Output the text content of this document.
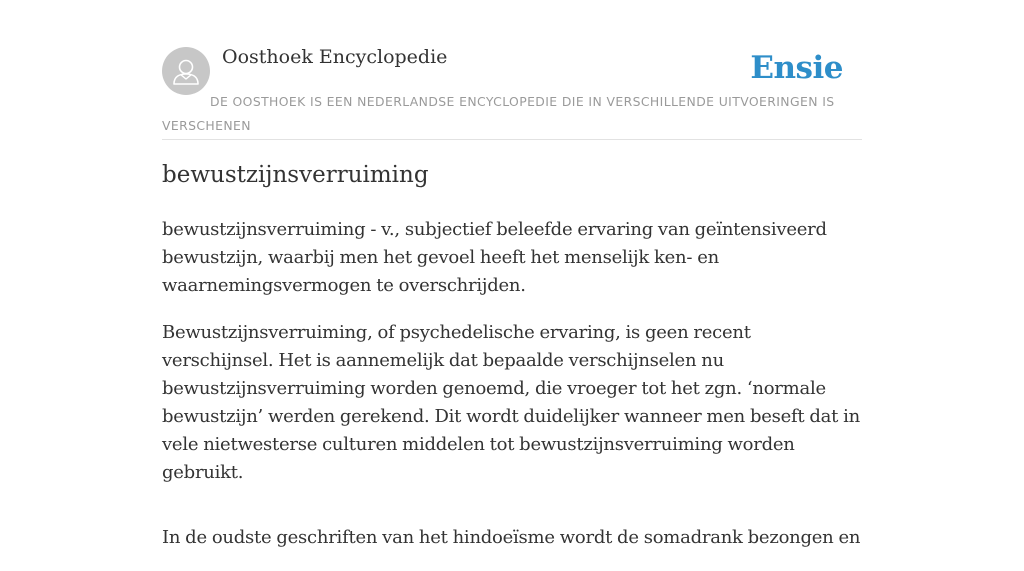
Oosthoek Encyclopedie	Ensie
DE OOSTHOEK IS EEN NEDERLANDSE ENCYCLOPEDIE DIE IN VERSCHILLENDE UITVOERINGEN IS VERSCHENEN
bewustzijnsverruiming

bewustzijnsverruiming - v., subjectief beleefde ervaring van geïntensiveerd bewustzijn, waarbij men het gevoel heeft het menselijk ken- en waarnemingsvermogen te overschrijden.

Bewustzijnsverruiming, of psychedelische ervaring, is geen recent verschijnsel. Het is aannemelijk dat bepaalde verschijnselen nu bewustzijnsverruiming worden genoemd, die vroeger tot het zgn. ‘normale bewustzijn’ werden gerekend. Dit wordt duidelijker wanneer men beseft dat in vele nietwesterse culturen middelen tot bewustzijnsverruiming worden gebruikt.

In de oudste geschriften van het hindoeïsme wordt de somadrank bezongen en
